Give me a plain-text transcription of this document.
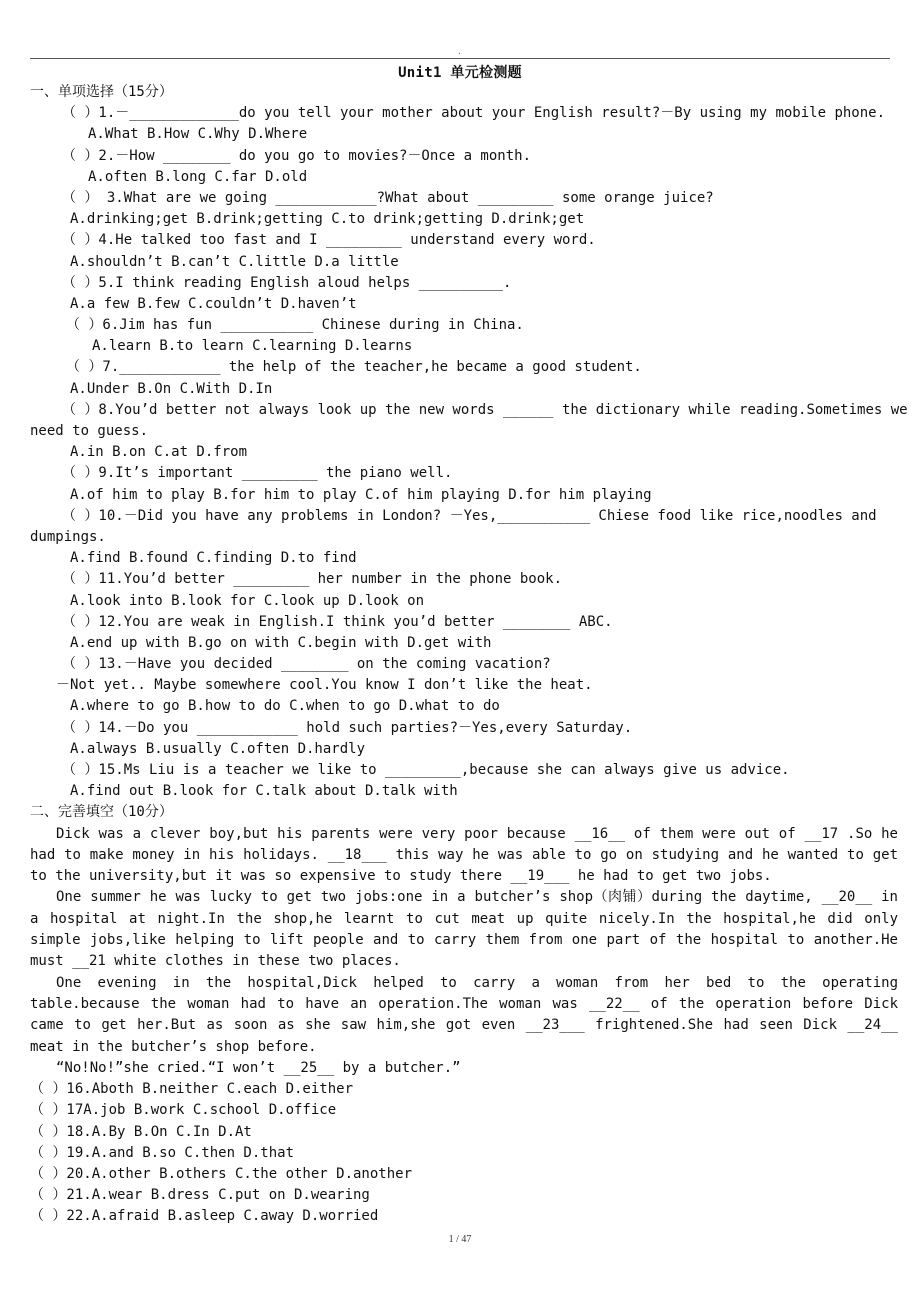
.
Unit1 单元检测题
一、单项选择（15分）
（ ）1.－_____________do you tell your mother about your English result?－By using my mobile phone.
A.What B.How C.Why D.Where
（ ）2.－How ________ do you go to movies?－Once a month.
A.often B.long C.far D.old
（ ） 3.What are we going ____________?What about _________ some orange juice?
A.drinking;get B.drink;getting C.to drink;getting D.drink;get
（ ）4.He talked too fast and I _________ understand every word.
A.shouldn’t B.can’t C.little D.a little
（ ）5.I think reading English aloud helps __________.
A.a few B.few C.couldn’t D.haven’t
（ ）6.Jim has fun ___________ Chinese during in China.
A.learn B.to learn C.learning D.learns
（ ）7.____________ the help of the teacher,he became a good student.
A.Under B.On C.With D.In
（ ）8.You’d better not always look up the new words ______ the dictionary while reading.Sometimes we
need to guess.
A.in B.on C.at D.from
（ ）9.It’s important _________ the piano well.
A.of him to play B.for him to play C.of him playing D.for him playing
（ ）10.－Did you have any problems in London? －Yes,___________ Chiese food like rice,noodles and
dumpings.
A.find B.found C.finding D.to find
（ ）11.You’d better _________ her number in the phone book.
A.look into B.look for C.look up D.look on
（ ）12.You are weak in English.I think you’d better ________ ABC.
A.end up with B.go on with C.begin with D.get with
（ ）13.－Have you decided ________ on the coming vacation?
－Not yet.. Maybe somewhere cool.You know I don’t like the heat.
A.where to go B.how to do C.when to go D.what to do
（ ）14.－Do you ____________ hold such parties?－Yes,every Saturday.
A.always B.usually C.often D.hardly
（ ）15.Ms Liu is a teacher we like to _________,because she can always give us advice.
A.find out B.look for C.talk about D.talk with
二、完善填空（10分）

Dick was a clever boy,but his parents were very poor because __16__ of them were out of __17 .So he had to make money in his holidays. __18___ this way he was able to go on studying and he wanted to get to the university,but it was so expensive to study there __19___ he had to get two jobs.

One summer he was lucky to get two jobs:one in a butcher’s shop（肉铺）during the daytime, __20__ in a hospital at night.In the shop,he learnt to cut meat up quite nicely.In the hospital,he did only simple jobs,like helping to lift people and to carry them from one part of the hospital to another.He must __21 white clothes in these two places.

One evening in the hospital,Dick helped to carry a woman from her bed to the operating table.because the woman had to have an operation.The woman was __22__ of the operation before Dick came to get her.But as soon as she saw him,she got even __23___ frightened.She had seen Dick __24__ meat in the butcher’s shop before.

“No!No!”she cried.“I won’t __25__ by a butcher.”

（ ）16.Aboth B.neither C.each D.either
（ ）17A.job B.work C.school D.office
（ ）18.A.By B.On C.In D.At
（ ）19.A.and B.so C.then D.that
（ ）20.A.other B.others C.the other D.another
（ ）21.A.wear B.dress C.put on D.wearing
（ ）22.A.afraid B.asleep C.away D.worried
1 / 47
